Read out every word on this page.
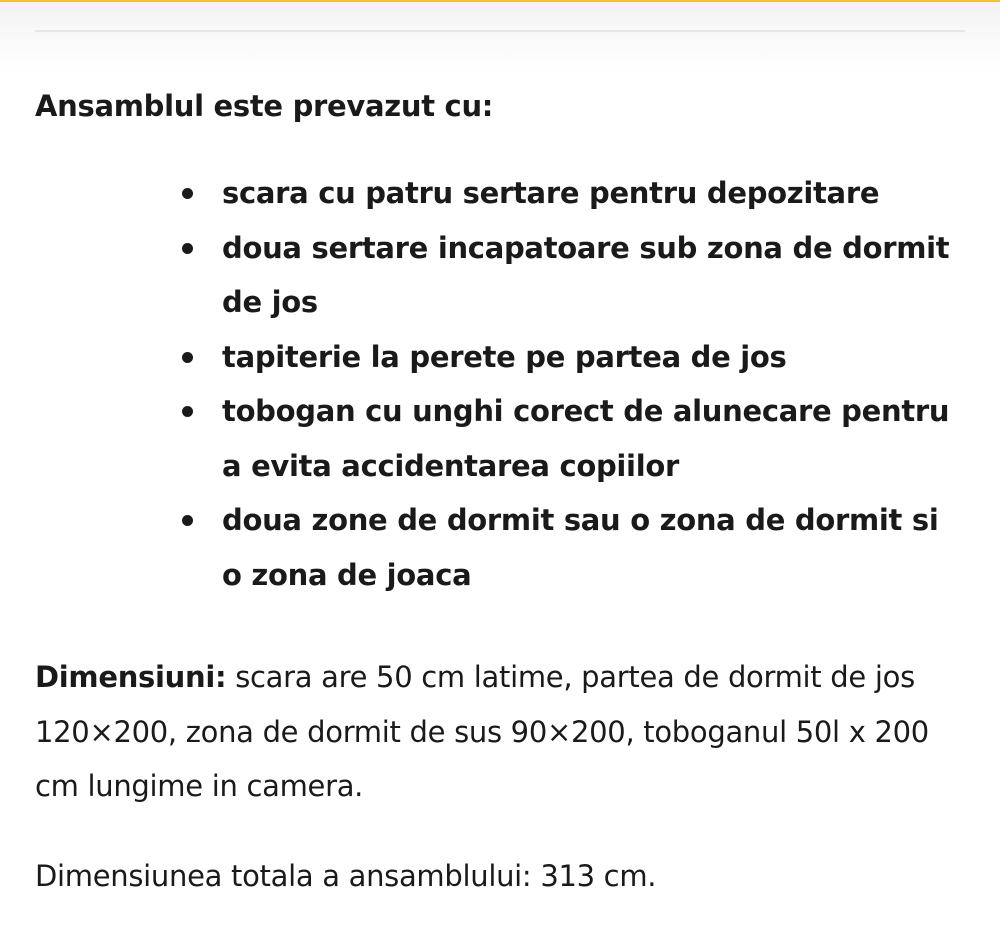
Ansamblul este prevazut cu:

scara cu patru sertare pentru depozitare
doua sertare incapatoare sub zona de dormit de jos
tapiterie la perete pe partea de jos
tobogan cu unghi corect de alunecare pentru a evita accidentarea copiilor
doua zone de dormit sau o zona de dormit si o zona de joaca

Dimensiuni: scara are 50 cm latime, partea de dormit de jos 120×200, zona de dormit de sus 90×200, toboganul 50l x 200 cm lungime in camera.

Dimensiunea totala a ansamblului: 313 cm.
